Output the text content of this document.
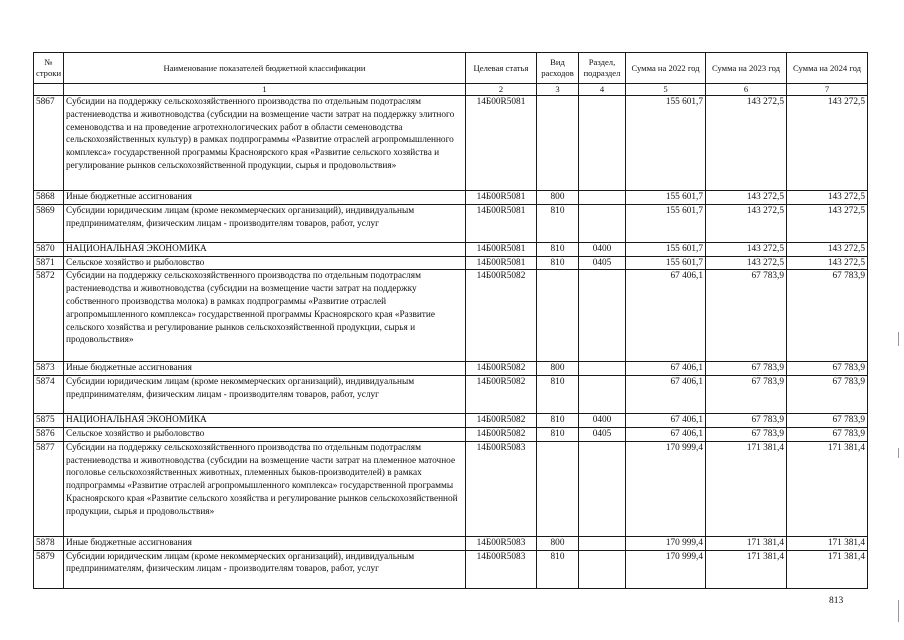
№ строки	Наименование показателей бюджетной классификации	Целевая статья	Вид расходов	Раздел, подраздел	Сумма на 2022 год	Сумма на 2023 год	Сумма на 2024 год
	1	2	3	4	5	6	7
5867	Субсидии на поддержку сельскохозяйственного производства по отдельным подотраслям растениеводства и животноводства (субсидии на возмещение части затрат на поддержку элитного семеноводства и на проведение агротехнологических работ в области семеноводства сельскохозяйственных культур) в рамках подпрограммы «Развитие отраслей агропромышленного комплекса» государственной программы Красноярского края «Развитие сельского хозяйства и регулирование рынков сельскохозяйственной продукции, сырья и продовольствия»	14Б00R5081			155 601,7	143 272,5	143 272,5
5868	Иные бюджетные ассигнования	14Б00R5081	800		155 601,7	143 272,5	143 272,5
5869	Субсидии юридическим лицам (кроме некоммерческих организаций), индивидуальным предпринимателям, физическим лицам - производителям товаров, работ, услуг	14Б00R5081	810		155 601,7	143 272,5	143 272,5
5870	НАЦИОНАЛЬНАЯ ЭКОНОМИКА	14Б00R5081	810	0400	155 601,7	143 272,5	143 272,5
5871	Сельское хозяйство и рыболовство	14Б00R5081	810	0405	155 601,7	143 272,5	143 272,5
5872	Субсидии на поддержку сельскохозяйственного производства по отдельным подотраслям растениеводства и животноводства (субсидии на возмещение части затрат на поддержку собственного производства молока) в рамках подпрограммы «Развитие отраслей агропромышленного комплекса» государственной программы Красноярского края «Развитие сельского хозяйства и регулирование рынков сельскохозяйственной продукции, сырья и продовольствия»	14Б00R5082			67 406,1	67 783,9	67 783,9
5873	Иные бюджетные ассигнования	14Б00R5082	800		67 406,1	67 783,9	67 783,9
5874	Субсидии юридическим лицам (кроме некоммерческих организаций), индивидуальным предпринимателям, физическим лицам - производителям товаров, работ, услуг	14Б00R5082	810		67 406,1	67 783,9	67 783,9
5875	НАЦИОНАЛЬНАЯ ЭКОНОМИКА	14Б00R5082	810	0400	67 406,1	67 783,9	67 783,9
5876	Сельское хозяйство и рыболовство	14Б00R5082	810	0405	67 406,1	67 783,9	67 783,9
5877	Субсидии на поддержку сельскохозяйственного производства по отдельным подотраслям растениеводства и животноводства (субсидии на возмещение части затрат на племенное маточное поголовье сельскохозяйственных животных, племенных быков-производителей) в рамках подпрограммы «Развитие отраслей агропромышленного комплекса» государственной программы Красноярского края «Развитие сельского хозяйства и регулирование рынков сельскохозяйственной продукции, сырья и продовольствия»	14Б00R5083			170 999,4	171 381,4	171 381,4
5878	Иные бюджетные ассигнования	14Б00R5083	800		170 999,4	171 381,4	171 381,4
5879	Субсидии юридическим лицам (кроме некоммерческих организаций), индивидуальным предпринимателям, физическим лицам - производителям товаров, работ, услуг	14Б00R5083	810		170 999,4	171 381,4	171 381,4
813
